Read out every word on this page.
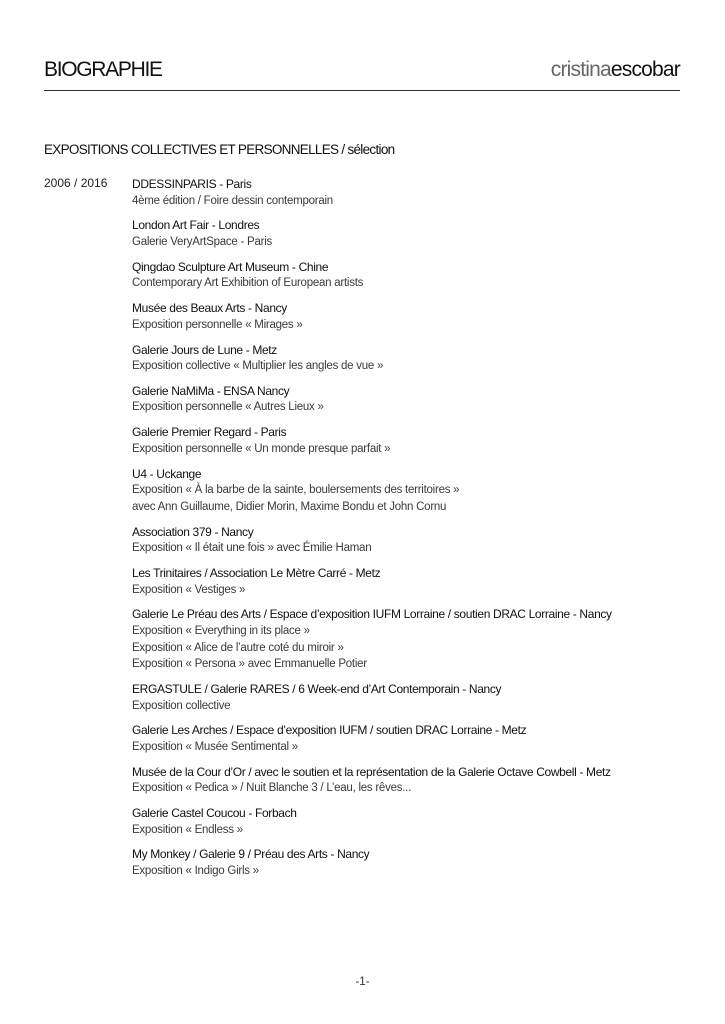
BIOGRAPHIE	cristinaescobar
EXPOSITIONS COLLECTIVES ET PERSONNELLES / sélection
2006 / 2016 DDESSINPARIS - Paris
4ème édition / Foire dessin contemporain
London Art Fair - Londres
Galerie VeryArtSpace - Paris
Qingdao Sculpture Art Museum - Chine
Contemporary Art Exhibition of European artists
Musée des Beaux Arts - Nancy
Exposition personnelle « Mirages »
Galerie Jours de Lune - Metz
Exposition collective « Multiplier les angles de vue »
Galerie NaMiMa - ENSA Nancy
Exposition personnelle « Autres Lieux »
Galerie Premier Regard - Paris
Exposition personnelle « Un monde presque parfait »
U4 - Uckange
Exposition « À la barbe de la sainte, boulersements des territoires »
avec Ann Guillaume, Didier Morin, Maxime Bondu et John Cornu
Association 379 - Nancy
Exposition « Il était une fois » avec Émilie Haman
Les Trinitaires / Association Le Mètre Carré - Metz
Exposition « Vestiges »
Galerie Le Préau des Arts / Espace d’exposition IUFM Lorraine / soutien DRAC Lorraine - Nancy
Exposition « Everything in its place »
Exposition « Alice de l’autre coté du miroir »
Exposition « Persona » avec Emmanuelle Potier
ERGASTULE / Galerie RARES / 6 Week-end d’Art Contemporain - Nancy
Exposition collective
Galerie Les Arches / Espace d’exposition IUFM / soutien DRAC Lorraine - Metz
Exposition « Musée Sentimental »
Musée de la Cour d’Or / avec le soutien et la représentation de la Galerie Octave Cowbell - Metz
Exposition « Pedica » / Nuit Blanche 3 / L’eau, les rêves...
Galerie Castel Coucou - Forbach
Exposition « Endless »
My Monkey / Galerie 9 / Préau des Arts - Nancy
Exposition « Indigo Girls »
-1-
